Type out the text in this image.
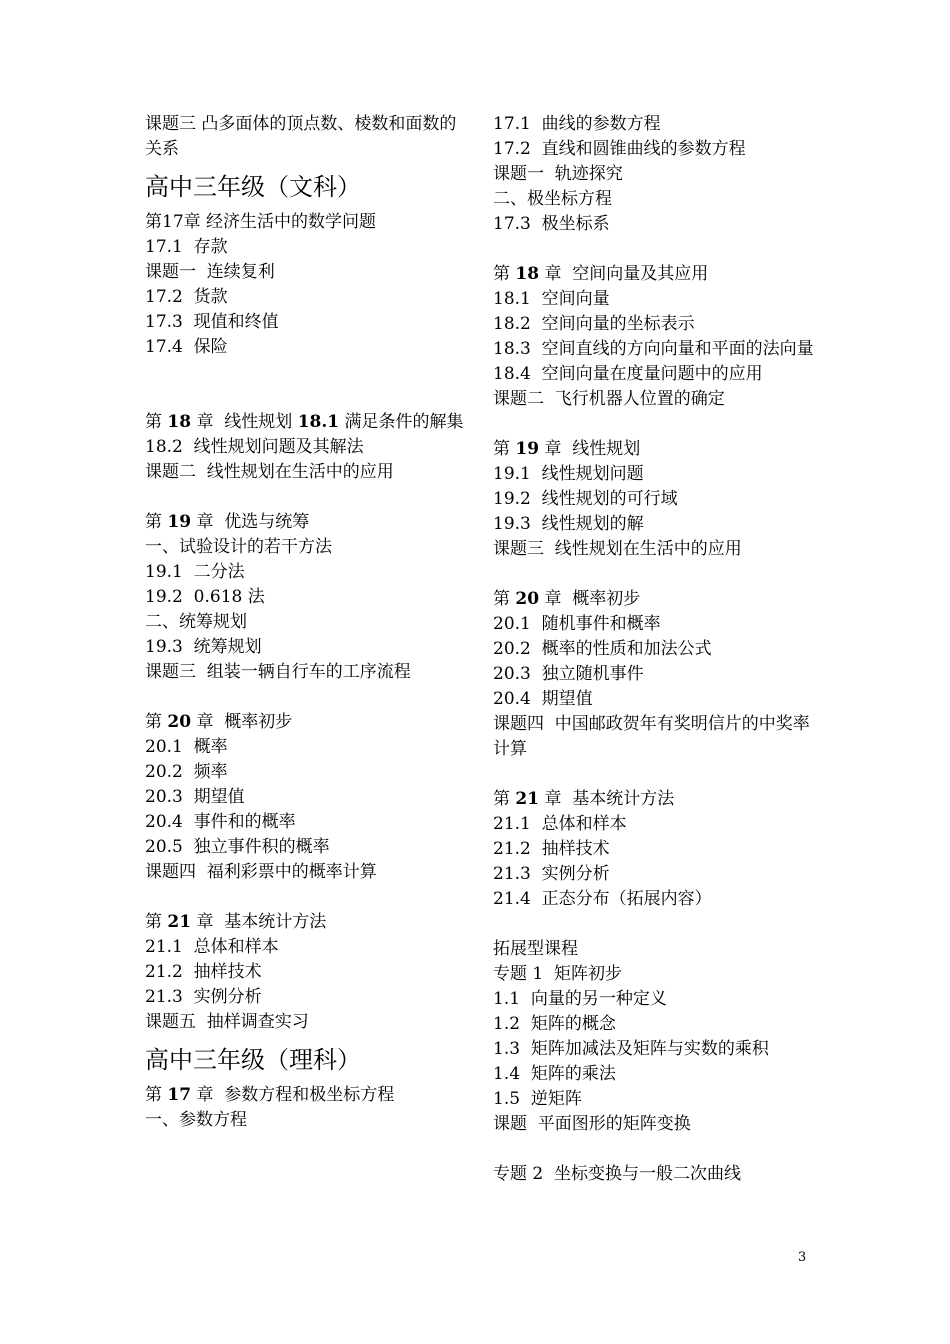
课题三 凸多面体的顶点数、棱数和面数的关系
高中三年级（文科）
第17章 经济生活中的数学问题
17.1  存款
课题一  连续复利
17.2  货款
17.3  现值和终值
17.4  保险
第 18 章  线性规划 18.1 满足条件的解集
18.2  线性规划问题及其解法
课题二  线性规划在生活中的应用
第 19 章  优选与统筹
一、试验设计的若干方法
19.1  二分法
19.2  0.618 法
二、统筹规划
19.3  统筹规划
课题三  组装一辆自行车的工序流程
第 20 章  概率初步
20.1  概率
20.2  频率
20.3  期望值
20.4  事件和的概率
20.5  独立事件积的概率
课题四  福利彩票中的概率计算
第 21 章  基本统计方法
21.1  总体和样本
21.2  抽样技术
21.3  实例分析
课题五  抽样调查实习
高中三年级（理科）
第 17 章  参数方程和极坐标方程
一、参数方程
17.1  曲线的参数方程
17.2  直线和圆锥曲线的参数方程
课题一  轨迹探究
二、极坐标方程
17.3  极坐标系
第 18 章  空间向量及其应用
18.1  空间向量
18.2  空间向量的坐标表示
18.3  空间直线的方向向量和平面的法向量
18.4  空间向量在度量问题中的应用
课题二  飞行机器人位置的确定
第 19 章  线性规划
19.1  线性规划问题
19.2  线性规划的可行域
19.3  线性规划的解
课题三  线性规划在生活中的应用
第 20 章  概率初步
20.1  随机事件和概率
20.2  概率的性质和加法公式
20.3  独立随机事件
20.4  期望值
课题四  中国邮政贺年有奖明信片的中奖率计算
第 21 章  基本统计方法
21.1  总体和样本
21.2  抽样技术
21.3  实例分析
21.4  正态分布（拓展内容）
拓展型课程
专题 1  矩阵初步
1.1  向量的另一种定义
1.2  矩阵的概念
1.3  矩阵加减法及矩阵与实数的乘积
1.4  矩阵的乘法
1.5  逆矩阵
课题  平面图形的矩阵变换
专题 2  坐标变换与一般二次曲线
3
